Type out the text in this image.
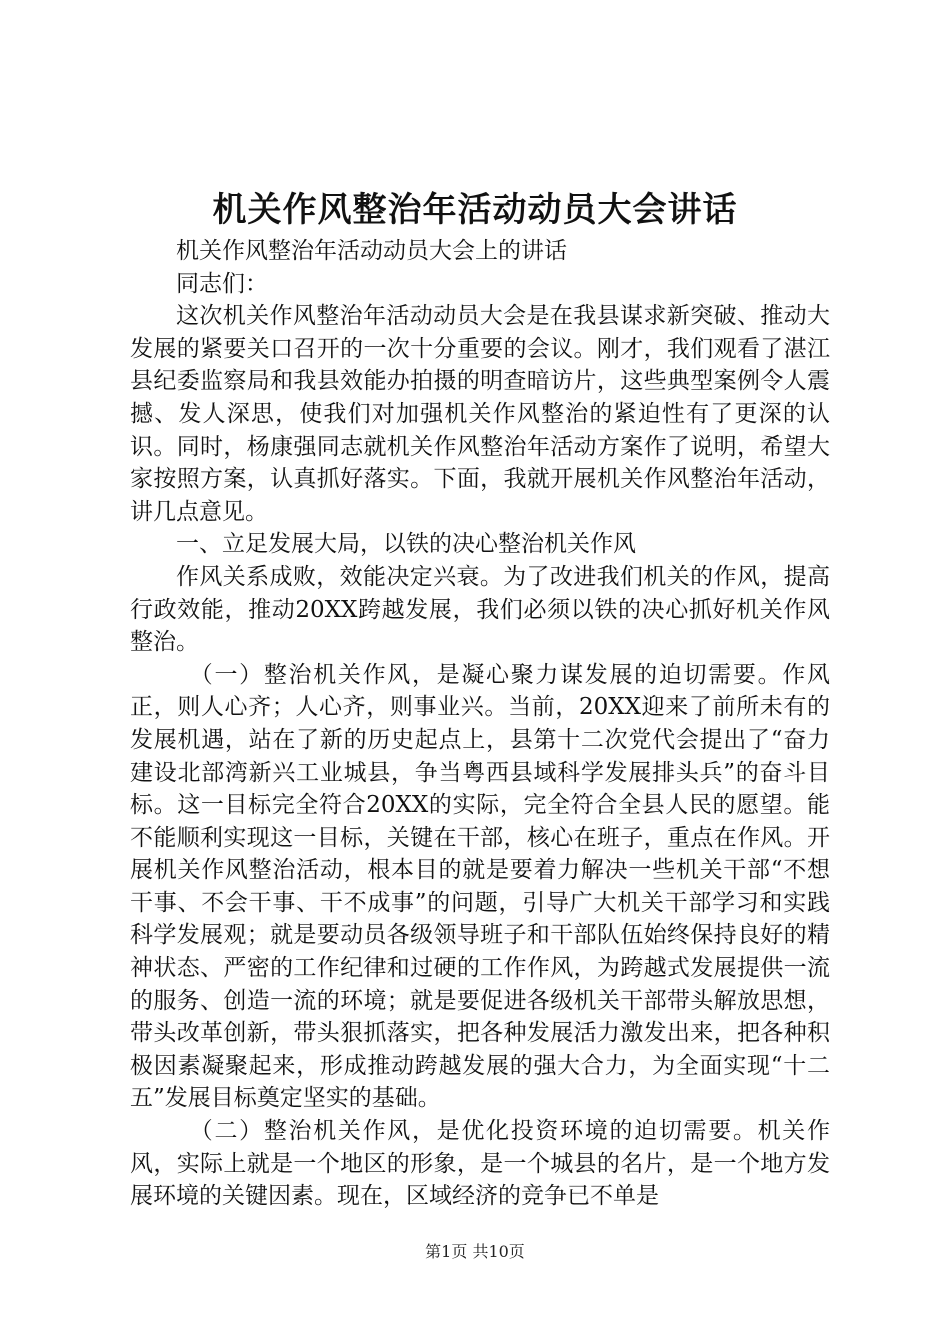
机关作风整治年活动动员大会讲话

机关作风整治年活动动员大会上的讲话

同志们：

这次机关作风整治年活动动员大会是在我县谋求新突破、推动大发展的紧要关口召开的一次十分重要的会议。刚才，我们观看了湛江县纪委监察局和我县效能办拍摄的明查暗访片，这些典型案例令人震撼、发人深思，使我们对加强机关作风整治的紧迫性有了更深的认识。同时，杨康强同志就机关作风整治年活动方案作了说明，希望大家按照方案，认真抓好落实。下面，我就开展机关作风整治年活动，讲几点意见。

一、立足发展大局，以铁的决心整治机关作风

作风关系成败，效能决定兴衰。为了改进我们机关的作风，提高行政效能，推动20XX跨越发展，我们必须以铁的决心抓好机关作风整治。

（一）整治机关作风，是凝心聚力谋发展的迫切需要。作风正，则人心齐；人心齐，则事业兴。当前，20XX迎来了前所未有的发展机遇，站在了新的历史起点上，县第十二次党代会提出了“奋力建设北部湾新兴工业城县，争当粤西县域科学发展排头兵”的奋斗目标。这一目标完全符合20XX的实际，完全符合全县人民的愿望。能不能顺利实现这一目标，关键在干部，核心在班子，重点在作风。开展机关作风整治活动，根本目的就是要着力解决一些机关干部“不想干事、不会干事、干不成事”的问题，引导广大机关干部学习和实践科学发展观；就是要动员各级领导班子和干部队伍始终保持良好的精神状态、严密的工作纪律和过硬的工作作风，为跨越式发展提供一流的服务、创造一流的环境；就是要促进各级机关干部带头解放思想，带头改革创新，带头狠抓落实，把各种发展活力激发出来，把各种积极因素凝聚起来，形成推动跨越发展的强大合力，为全面实现“十二五”发展目标奠定坚实的基础。

（二）整治机关作风，是优化投资环境的迫切需要。机关作风，实际上就是一个地区的形象，是一个城县的名片，是一个地方发展环境的关键因素。现在，区域经济的竞争已不单是

第1页 共10页
